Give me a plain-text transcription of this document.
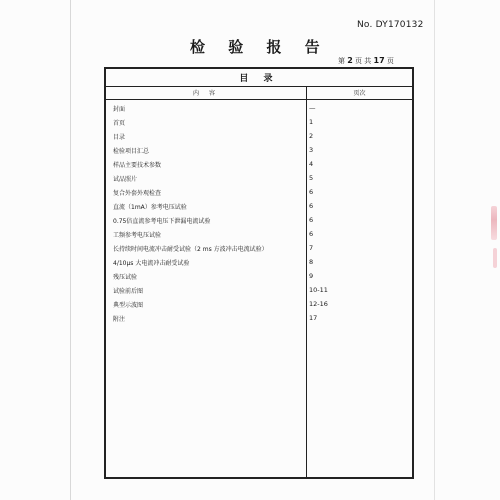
No. DY170132
检 验 报 告
第 2 页 共 17 页
目 录
内 容	页次
封面	—
首页	1
目录	2
检验项目汇总	3
样品主要技术参数	4
试品照片	5
复合外套外观检查	6
直流（1mA）参考电压试验	6
0.75倍直流参考电压下泄漏电流试验	6
工频参考电压试验	6
长持续时间电流冲击耐受试验（2 ms 方波冲击电流试验）	7
4/10μs 大电流冲击耐受试验	8
残压试验	9
试验前后图	10-11
典型示波图	12-16
附注	17
